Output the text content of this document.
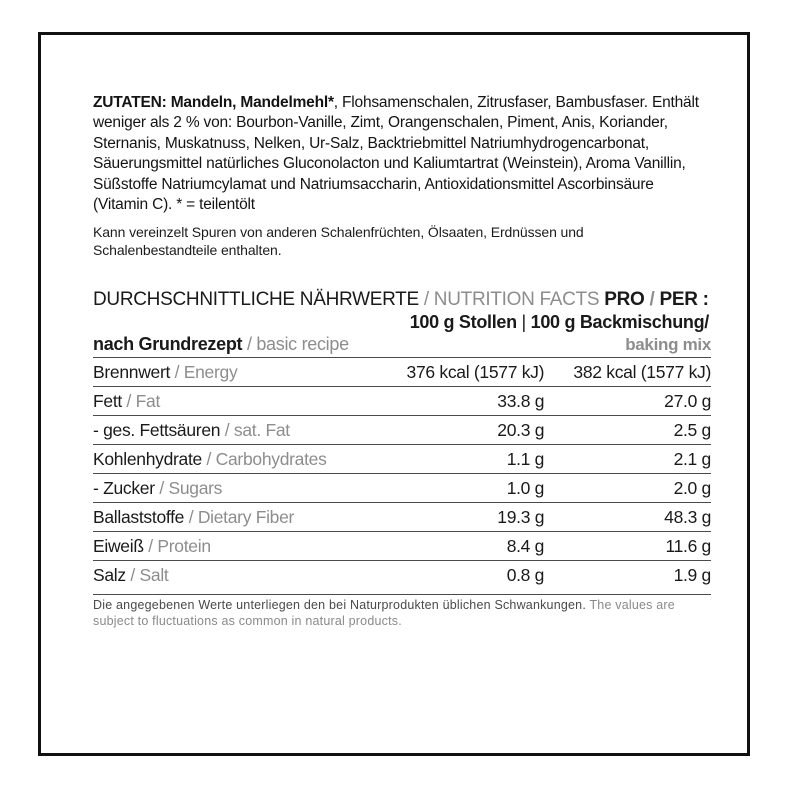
ZUTATEN: Mandeln, Mandelmehl*, Flohsamenschalen, Zitrusfaser, Bambusfaser. Enthält weniger als 2 % von: Bourbon-Vanille, Zimt, Orangenschalen, Piment, Anis, Koriander, Sternanis, Muskatnuss, Nelken, Ur-Salz, Backtriebmittel Natriumhydrogencarbonat, Säuerungsmittel natürliches Gluconolacton und Kaliumtartrat (Weinstein), Aroma Vanillin, Süßstoffe Natriumcylamat und Natriumsaccharin, Antioxidationsmittel Ascorbinsäure (Vitamin C). * = teilentölt

Kann vereinzelt Spuren von anderen Schalenfrüchten, Ölsaaten, Erdnüssen und Schalenbestandteile enthalten.

DURCHSCHNITTLICHE NÄHRWERTE / NUTRITION FACTS PRO / PER :
100 g Stollen | 100 g Backmischung/
nach Grundrezept / basic recipe	baking mix
Brennwert / Energy	376 kcal (1577 kJ)	382 kcal (1577 kJ)
Fett / Fat	33.8 g	27.0 g
- ges. Fettsäuren / sat. Fat	20.3 g	2.5 g
Kohlenhydrate / Carbohydrates	1.1 g	2.1 g
- Zucker / Sugars	1.0 g	2.0 g
Ballaststoffe / Dietary Fiber	19.3 g	48.3 g
Eiweiß / Protein	8.4 g	11.6 g
Salz / Salt	0.8 g	1.9 g
Die angegebenen Werte unterliegen den bei Naturprodukten üblichen Schwankungen. The values are subject to fluctuations as common in natural products.
